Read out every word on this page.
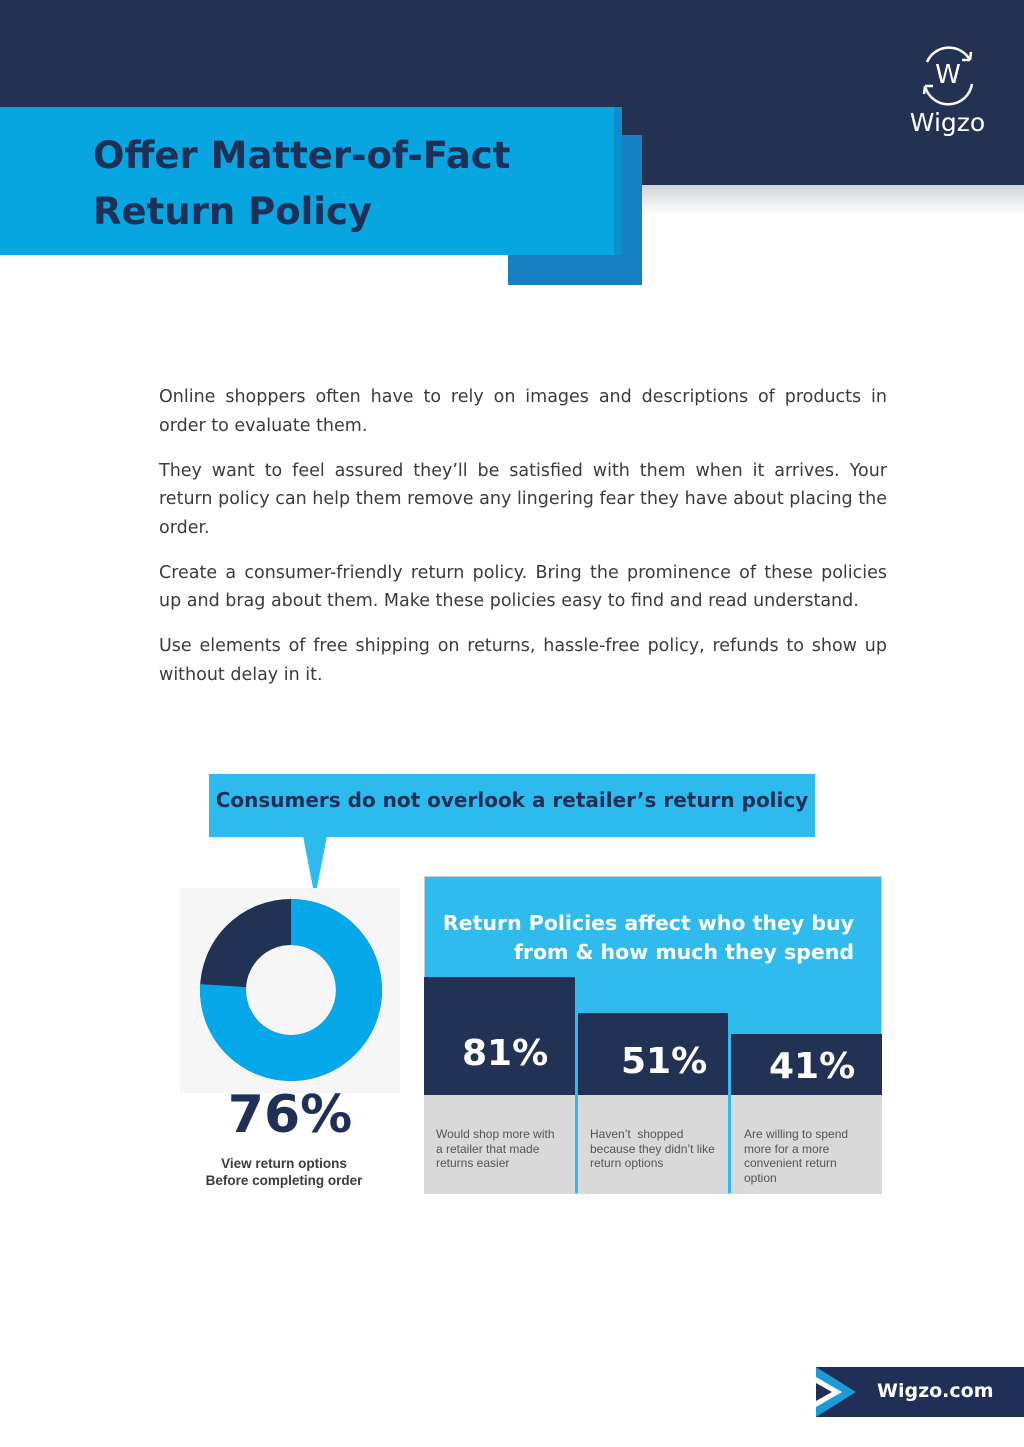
W
Wigzo
Offer Matter-of-Fact
Return Policy

Online shoppers often have to rely on images and descriptions of products in order to evaluate them.

They want to feel assured they’ll be satisfied with them when it arrives. Your return policy can help them remove any lingering fear they have about placing the order.

Create a consumer-friendly return policy. Bring the prominence of these policies up and brag about them. Make these policies easy to find and read understand.

Use elements of free shipping on returns, hassle-free policy, refunds to show up without delay in it.

Consumers do not overlook a retailer’s return policy
76%
View return options
Before completing order
Return Policies affect who they buy
from & how much they spend
81%
Would shop more with
a retailer that made
returns easier
51%
Haven’t  shopped
because they didn’t like
return options
41%
Are willing to spend
more for a more
convenient return
option
Wigzo.com
